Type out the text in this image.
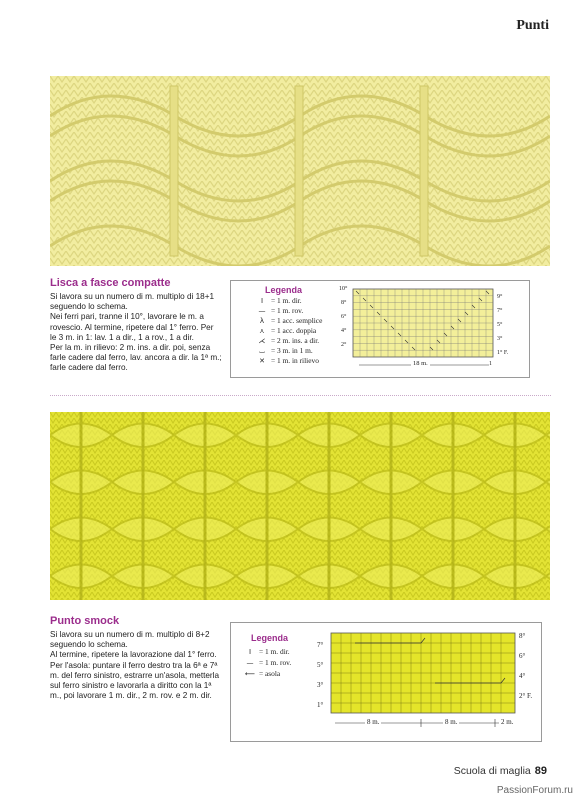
Punti
Lisca a fasce compatte

Si lavora su un numero di m. multiplo di 18+1 seguendo lo schema.

Nei ferri pari, tranne il 10°, lavorare le m. a rovescio. Al termine, ripetere dal 1° ferro. Per le 3 m. in 1: lav. 1 a dir., 1 a rov., 1 a dir.

Per la m. in rilievo: 2 m. ins. a dir. poi, senza farle cadere dal ferro, lav. ancora a dir. la 1ª m.; farle cadere dal ferro.

Legenda
I = 1 m. dir.
— = 1 m. rov.
λ = 1 acc. semplice
⋏ = 1 acc. doppia
⋌ = 2 m. ins. a dir.
⌴ = 3 m. in 1 m.
✕ = 1 m. in rilievo
10°
8°
6°
4°
2°
9°
7°
5°
3°
1° F.
18 m.	1
Punto smock

Si lavora su un numero di m. multiplo di 8+2 seguendo lo schema.

Al termine, ripetere la lavorazione dal 1° ferro.

Per l'asola: puntare il ferro destro tra la 6ª e 7ª m. del ferro sinistro, estrarre un'asola, metterla sul ferro sinistro e lavorarla a diritto con la 1ª m., poi lavorare 1 m. dir., 2 m. rov. e 2 m. dir.

Legenda
I = 1 m. dir.
— = 1 m. rov.
⟵ = asola
7°
5°
3°
1°
8°
6°
4°
2° F.
8 m.	8 m.	2 m.
Scuola di maglia 89
PassionForum.ru
